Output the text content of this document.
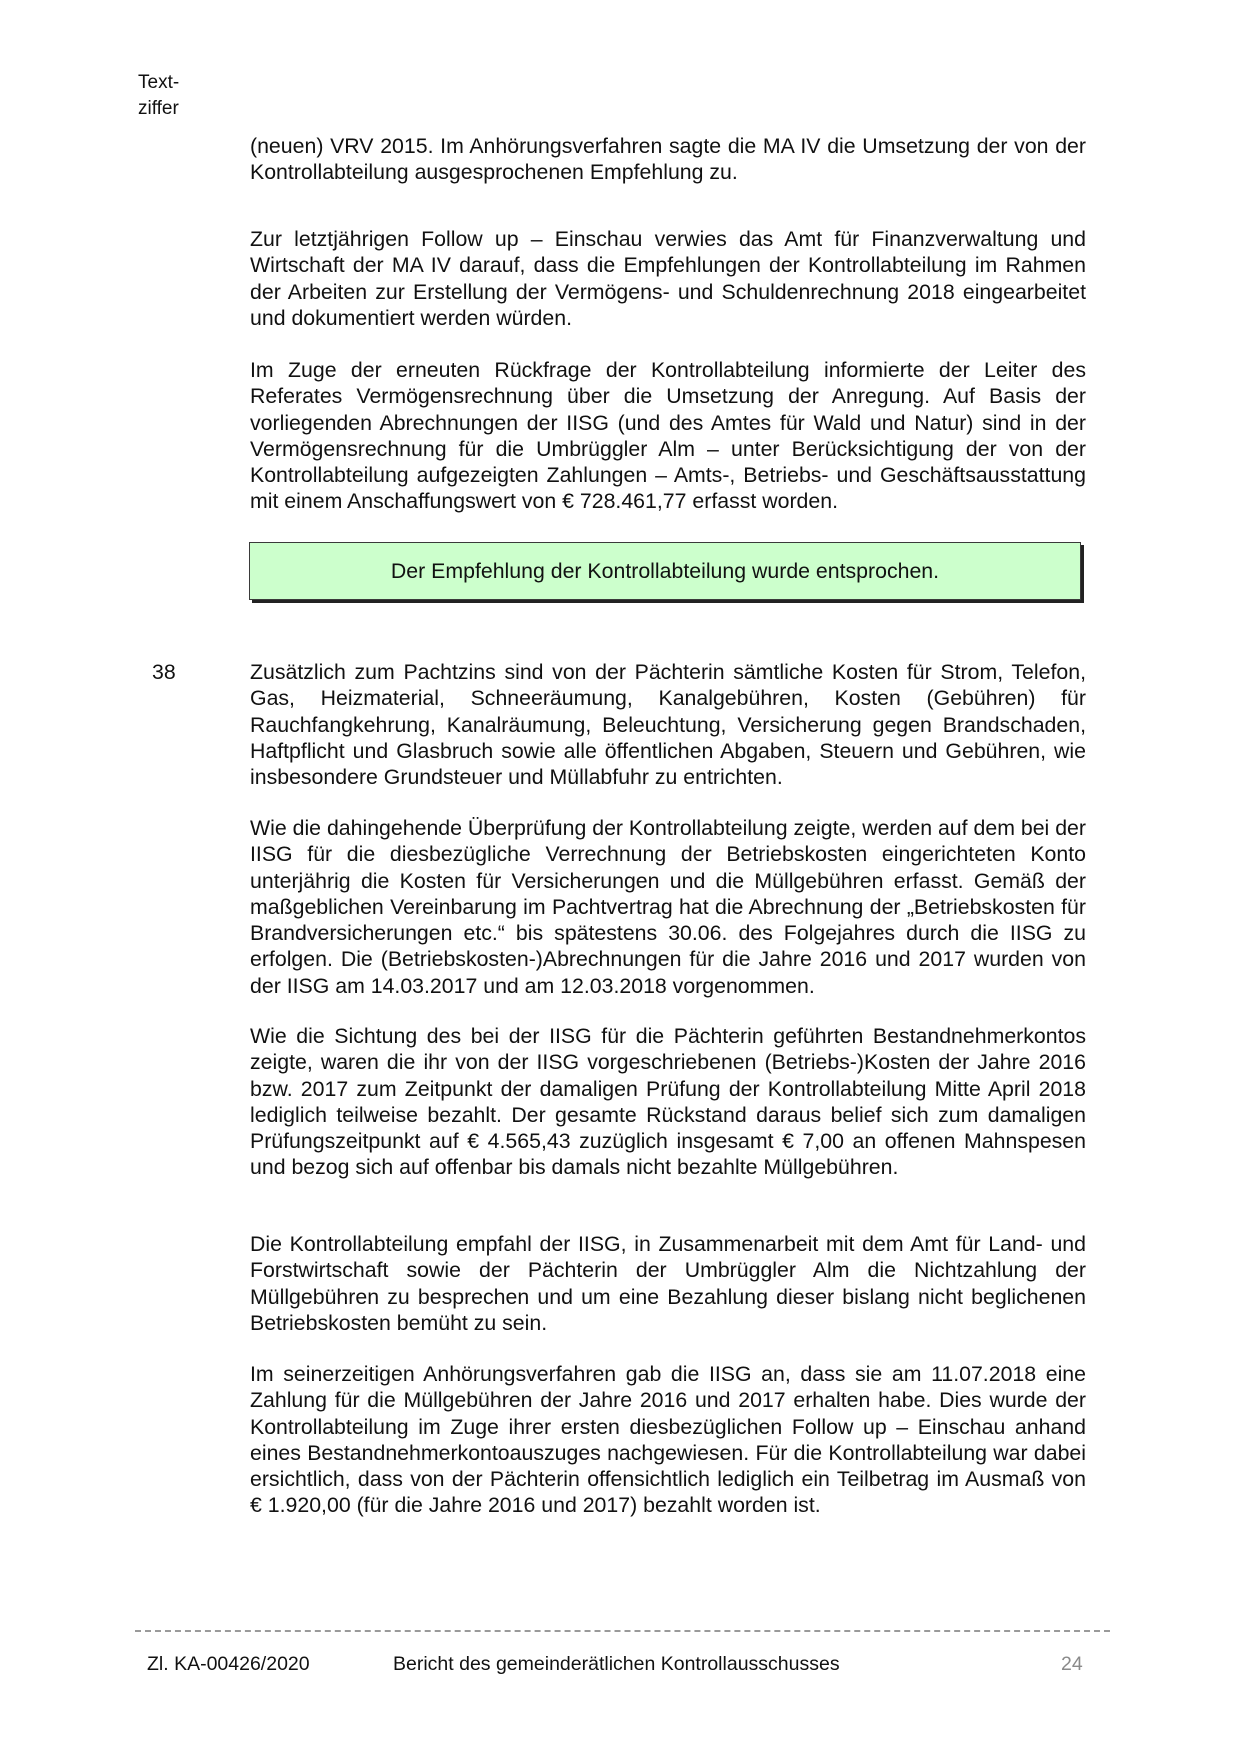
Text-
ziffer

(neuen) VRV 2015. Im Anhörungsverfahren sagte die MA IV die Umsetzung der von der Kontrollabteilung ausgesprochenen Empfehlung zu.

Zur letztjährigen Follow up – Einschau verwies das Amt für Finanzverwaltung und Wirtschaft der MA IV darauf, dass die Empfehlungen der Kontrollabteilung im Rahmen der Arbeiten zur Erstellung der Vermögens- und Schuldenrechnung 2018 eingearbeitet und dokumentiert werden würden.

Im Zuge der erneuten Rückfrage der Kontrollabteilung informierte der Leiter des Referates Vermögensrechnung über die Umsetzung der Anregung. Auf Basis der vorliegenden Abrechnungen der IISG (und des Amtes für Wald und Natur) sind in der Vermögensrechnung für die Umbrüggler Alm – unter Berücksichtigung der von der Kontrollabteilung aufgezeigten Zahlungen – Amts-, Betriebs- und Geschäftsausstattung mit einem Anschaffungswert von € 728.461,77 erfasst worden.

Der Empfehlung der Kontrollabteilung wurde entsprochen.
38	Zusätzlich zum Pachtzins sind von der Pächterin sämtliche Kosten für Strom, Telefon, Gas, Heizmaterial, Schneeräumung, Kanalgebühren, Kosten (Gebühren) für Rauchfangkehrung, Kanalräumung, Beleuchtung, Versicherung gegen Brandschaden, Haftpflicht und Glasbruch sowie alle öffentlichen Abgaben, Steuern und Gebühren, wie insbesondere Grundsteuer und Müllabfuhr zu entrichten.

Wie die dahingehende Überprüfung der Kontrollabteilung zeigte, werden auf dem bei der IISG für die diesbezügliche Verrechnung der Betriebskosten eingerichteten Konto unterjährig die Kosten für Versicherungen und die Müllgebühren erfasst. Gemäß der maßgeblichen Vereinbarung im Pachtvertrag hat die Abrechnung der „Betriebskosten für Brandversicherungen etc.“ bis spätestens 30.06. des Folgejahres durch die IISG zu erfolgen. Die (Betriebskosten-)Abrechnungen für die Jahre 2016 und 2017 wurden von der IISG am 14.03.2017 und am 12.03.2018 vorgenommen.

Wie die Sichtung des bei der IISG für die Pächterin geführten Bestandnehmerkontos zeigte, waren die ihr von der IISG vorgeschriebenen (Betriebs-)Kosten der Jahre 2016 bzw. 2017 zum Zeitpunkt der damaligen Prüfung der Kontrollabteilung Mitte April 2018 lediglich teilweise bezahlt. Der gesamte Rückstand daraus belief sich zum damaligen Prüfungszeitpunkt auf € 4.565,43 zuzüglich insgesamt € 7,00 an offenen Mahnspesen und bezog sich auf offenbar bis damals nicht bezahlte Müllgebühren.

Die Kontrollabteilung empfahl der IISG, in Zusammenarbeit mit dem Amt für Land- und Forstwirtschaft sowie der Pächterin der Umbrüggler Alm die Nichtzahlung der Müllgebühren zu besprechen und um eine Bezahlung dieser bislang nicht beglichenen Betriebskosten bemüht zu sein.

Im seinerzeitigen Anhörungsverfahren gab die IISG an, dass sie am 11.07.2018 eine Zahlung für die Müllgebühren der Jahre 2016 und 2017 erhalten habe. Dies wurde der Kontrollabteilung im Zuge ihrer ersten diesbezüglichen Follow up – Einschau anhand eines Bestandnehmerkontoauszuges nachgewiesen. Für die Kontrollabteilung war dabei ersichtlich, dass von der Pächterin offensichtlich lediglich ein Teilbetrag im Ausmaß von € 1.920,00 (für die Jahre 2016 und 2017) bezahlt worden ist.

Zl. KA-00426/2020	Bericht des gemeinderätlichen Kontrollausschusses	24
